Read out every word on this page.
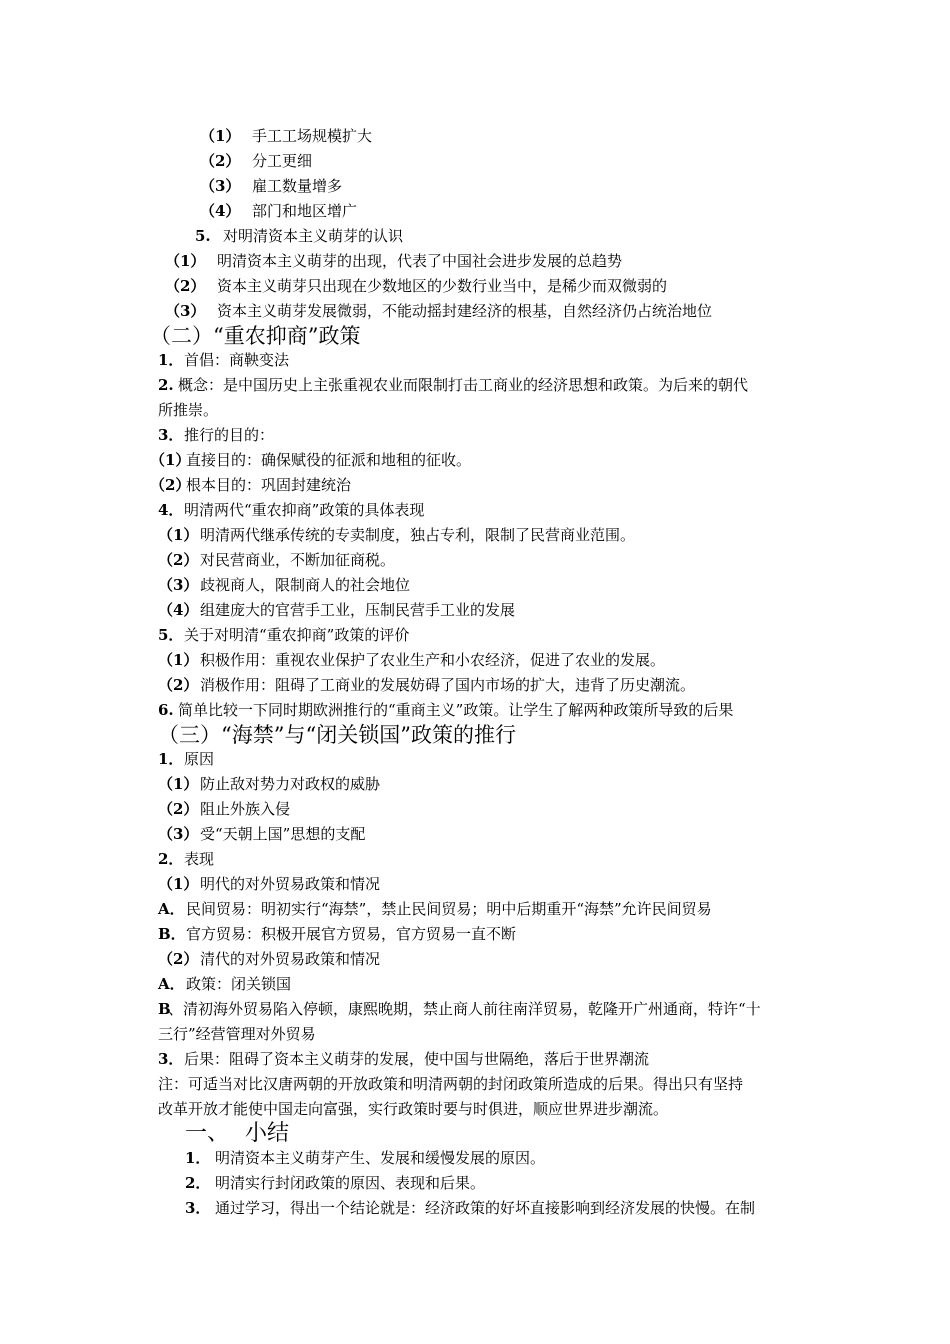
（1） 手工工场规模扩大
（2） 分工更细
（3） 雇工数量增多
（4） 部门和地区增广
5. 对明清资本主义萌芽的认识
（1） 明清资本主义萌芽的出现，代表了中国社会进步发展的总趋势
（2） 资本主义萌芽只出现在少数地区的少数行业当中，是稀少而双微弱的
（3） 资本主义萌芽发展微弱，不能动摇封建经济的根基，自然经济仍占统治地位
（二）“重农抑商”政策
1．首倡：商鞅变法
2. 概念：是中国历史上主张重视农业而限制打击工商业的经济思想和政策。为后来的朝代
所推崇。
3．推行的目的：
（1）直接目的：确保赋役的征派和地租的征收。
（2）根本目的：巩固封建统治
4．明清两代“重农抑商”政策的具体表现
（1） 明清两代继承传统的专卖制度，独占专利，限制了民营商业范围。
（2） 对民营商业，不断加征商税。
（3） 歧视商人，限制商人的社会地位
（4） 组建庞大的官营手工业，压制民营手工业的发展
5．关于对明清“重农抑商”政策的评价
（1） 积极作用：重视农业保护了农业生产和小农经济，促进了农业的发展。
（2） 消极作用：阻碍了工商业的发展妨碍了国内市场的扩大，违背了历史潮流。
6. 简单比较一下同时期欧洲推行的“重商主义”政策。让学生了解两种政策所导致的后果
（三）“海禁”与“闭关锁国”政策的推行
1．原因
（1） 防止敌对势力对政权的威胁
（2） 阻止外族入侵
（3） 受“天朝上国”思想的支配
2．表现
（1） 明代的对外贸易政策和情况
A．民间贸易：明初实行“海禁”，禁止民间贸易；明中后期重开“海禁”允许民间贸易
B．官方贸易：积极开展官方贸易，官方贸易一直不断
（2） 清代的对外贸易政策和情况
A．政策：闭关锁国
B、清初海外贸易陷入停顿，康熙晚期，禁止商人前往南洋贸易，乾隆开广州通商，特许“十
三行”经营管理对外贸易
3．后果：阻碍了资本主义萌芽的发展，使中国与世隔绝，落后于世界潮流
注：可适当对比汉唐两朝的开放政策和明清两朝的封闭政策所造成的后果。得出只有坚持
改革开放才能使中国走向富强，实行政策时要与时俱进，顺应世界进步潮流。
一、 小结
1． 明清资本主义萌芽产生、发展和缓慢发展的原因。
2． 明清实行封闭政策的原因、表现和后果。
3． 通过学习，得出一个结论就是：经济政策的好坏直接影响到经济发展的快慢。在制
